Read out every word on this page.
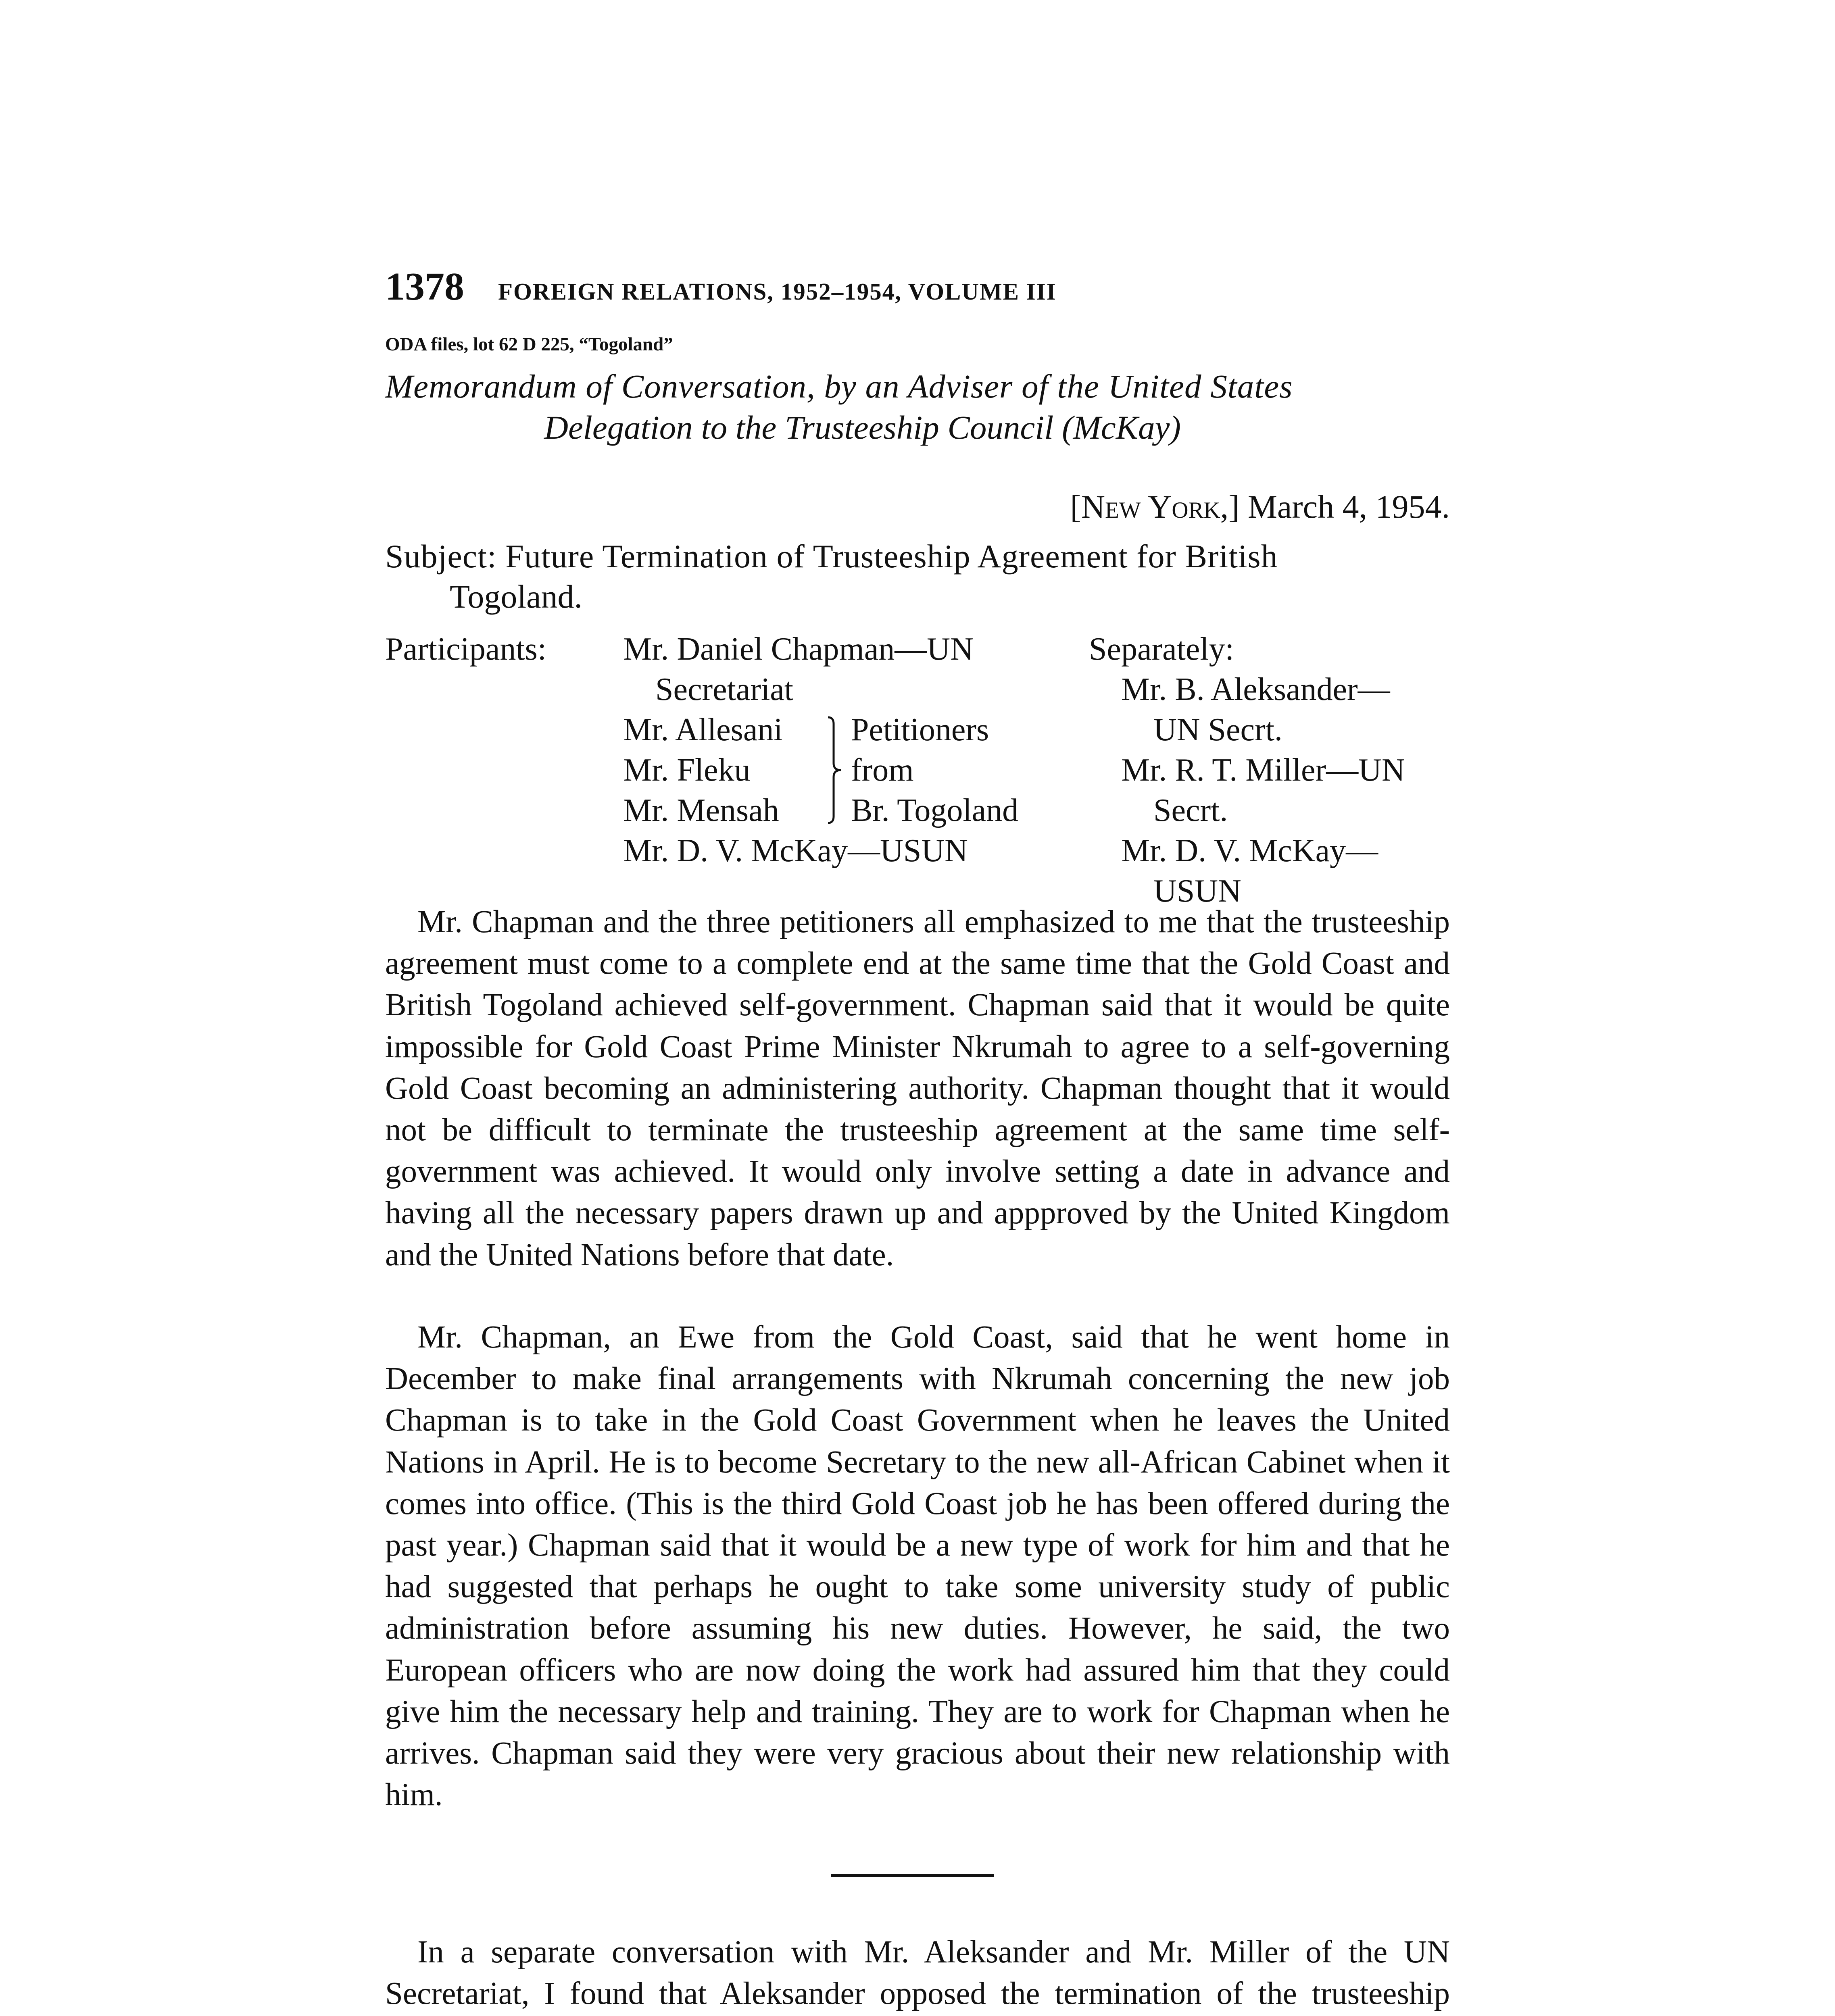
1378 FOREIGN RELATIONS, 1952–1954, VOLUME III
ODA files, lot 62 D 225, “Togoland”
Memorandum of Conversation, by an Adviser of the United States
Delegation to the Trusteeship Council (McKay)
[New York,] March 4, 1954.
Subject: Future Termination of Trusteeship Agreement for British
Togoland.
Participants: Mr. Daniel Chapman—UN
Secretariat
Mr. Allesani
Mr. Fleku
Mr. Mensah
Petitioners
from
Br. Togoland
Mr. D. V. McKay—USUN
Separately:
Mr. B. Aleksander—
UN Secrt.
Mr. R. T. Miller—UN
Secrt.
Mr. D. V. McKay—
USUN

Mr. Chapman and the three petitioners all emphasized to me that the trusteeship agreement must come to a complete end at the same time that the Gold Coast and British Togoland achieved self-government. Chapman said that it would be quite impossible for Gold Coast Prime Minister Nkrumah to agree to a self-governing Gold Coast becoming an administering authority. Chapman thought that it would not be difficult to terminate the trusteeship agreement at the same time self-government was achieved. It would only involve setting a date in advance and having all the necessary papers drawn up and appproved by the United Kingdom and the United Nations before that date.

Mr. Chapman, an Ewe from the Gold Coast, said that he went home in December to make final arrangements with Nkrumah concerning the new job Chapman is to take in the Gold Coast Government when he leaves the United Nations in April. He is to become Secretary to the new all-African Cabinet when it comes into office. (This is the third Gold Coast job he has been offered during the past year.) Chapman said that it would be a new type of work for him and that he had suggested that perhaps he ought to take some university study of public administration before assuming his new duties. However, he said, the two European officers who are now doing the work had assured him that they could give him the necessary help and training. They are to work for Chapman when he arrives. Chapman said they were very gracious about their new relationship with him.

In a separate conversation with Mr. Aleksander and Mr. Miller of the UN Secretariat, I found that Aleksander opposed the termination of the trusteeship
